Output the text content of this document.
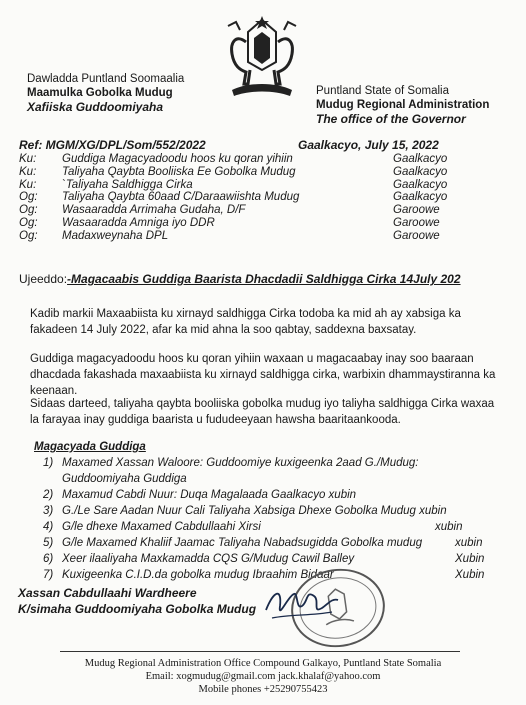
Dawladda Puntland Soomaalia
Maamulka Gobolka Mudug
Xafiiska Guddoomiyaha
Puntland State of Somalia
Mudug Regional Administration
The office of the Governor
Ref: MGM/XG/DPL/Som/552/2022	Gaalkacyo, July 15, 2022
Ku: Guddiga Magacyadoodu hoos ku qoran yihiin	Gaalkacyo
Ku: Taliyaha Qaybta Booliiska Ee Gobolka Mudug	Gaalkacyo
Ku: `Taliyaha Saldhigga Cirka	Gaalkacyo
Og: Taliyaha Qaybta 60aad C/Daraawiishta Mudug	Gaalkacyo
Og: Wasaaradda Arrimaha Gudaha, D/F	Garoowe
Og: Wasaaradda Amniga iyo DDR	Garoowe
Og: Madaxweynaha DPL	Garoowe
Ujeeddo:-Magacaabis Guddiga Baarista Dhacdadii Saldhigga Cirka 14July 202
Kadib markii Maxaabiista ku xirnayd saldhigga Cirka todoba ka mid ah ay xabsiga ka fakadeen 14 July 2022, afar ka mid ahna la soo qabtay, saddexna baxsatay.
Guddiga magacyadoodu hoos ku qoran yihiin waxaan u magacaabay inay soo baaraan dhacdada fakashada maxaabiista ku xirnayd saldhigga cirka, warbixin dhammaystiranna ka keenaan.
Sidaas darteed, taliyaha qaybta booliiska gobolka mudug iyo taliyha saldhigga Cirka waxaa la farayaa inay guddiga baarista u fududeeyaan hawsha baaritaankooda.
Magacyada Guddiga
1) Maxamed Xassan Waloore: Guddoomiye kuxigeenka 2aad G./Mudug:
Guddoomiyaha Guddiga
2) Maxamud Cabdi Nuur: Duqa Magalaada Gaalkacyo xubin
3) G./Le Sare Aadan Nuur Cali Taliyaha Xabsiga Dhexe Gobolka Mudug xubin
4) G/le dhexe Maxamed Cabdullaahi Xirsi	xubin
5) G/le Maxamed Khaliif Jaamac Taliyaha Nabadsugidda Gobolka mudug	xubin
6) Xeer ilaaliyaha Maxkamadda CQS G/Mudug Cawil Balley	Xubin
7) Kuxigeenka C.I.D.da gobolka mudug Ibraahim Bidaar	Xubin
Xassan Cabdullaahi Wardheere
K/simaha Guddoomiyaha Gobolka Mudug
Mudug Regional Administration Office Compound Galkayo, Puntland State Somalia
Email: xogmudug@gmail.com jack.khalaf@yahoo.com
Mobile phones +25290755423
